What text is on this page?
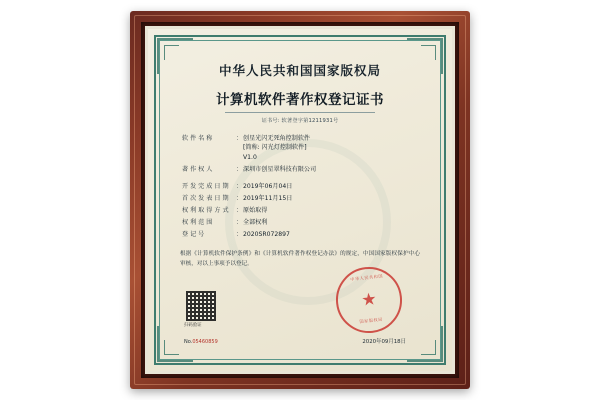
中华人民共和国国家版权局
计算机软件著作权登记证书
证书号: 软著登字第1211931号
软件名称	： 创星光闪无死角控制软件
[简称: 闪光灯控制软件]
V1.0
著作权人	： 深圳市创星翠科技有限公司
开发完成日期 ： 2019年06月04日
首次发表日期 ： 2019年11月15日
权利取得方式 ： 原始取得
权利范围	： 全部权利
登记号	： 2020SR072897
根据《计算机软件保护条例》和《计算机软件著作权登记办法》的规定，中国国家版权保护中心审核，对以上事项予以登记。
扫码验证
中华人民共和国
★
国家版权局
2020年09月18日
No.05460859
